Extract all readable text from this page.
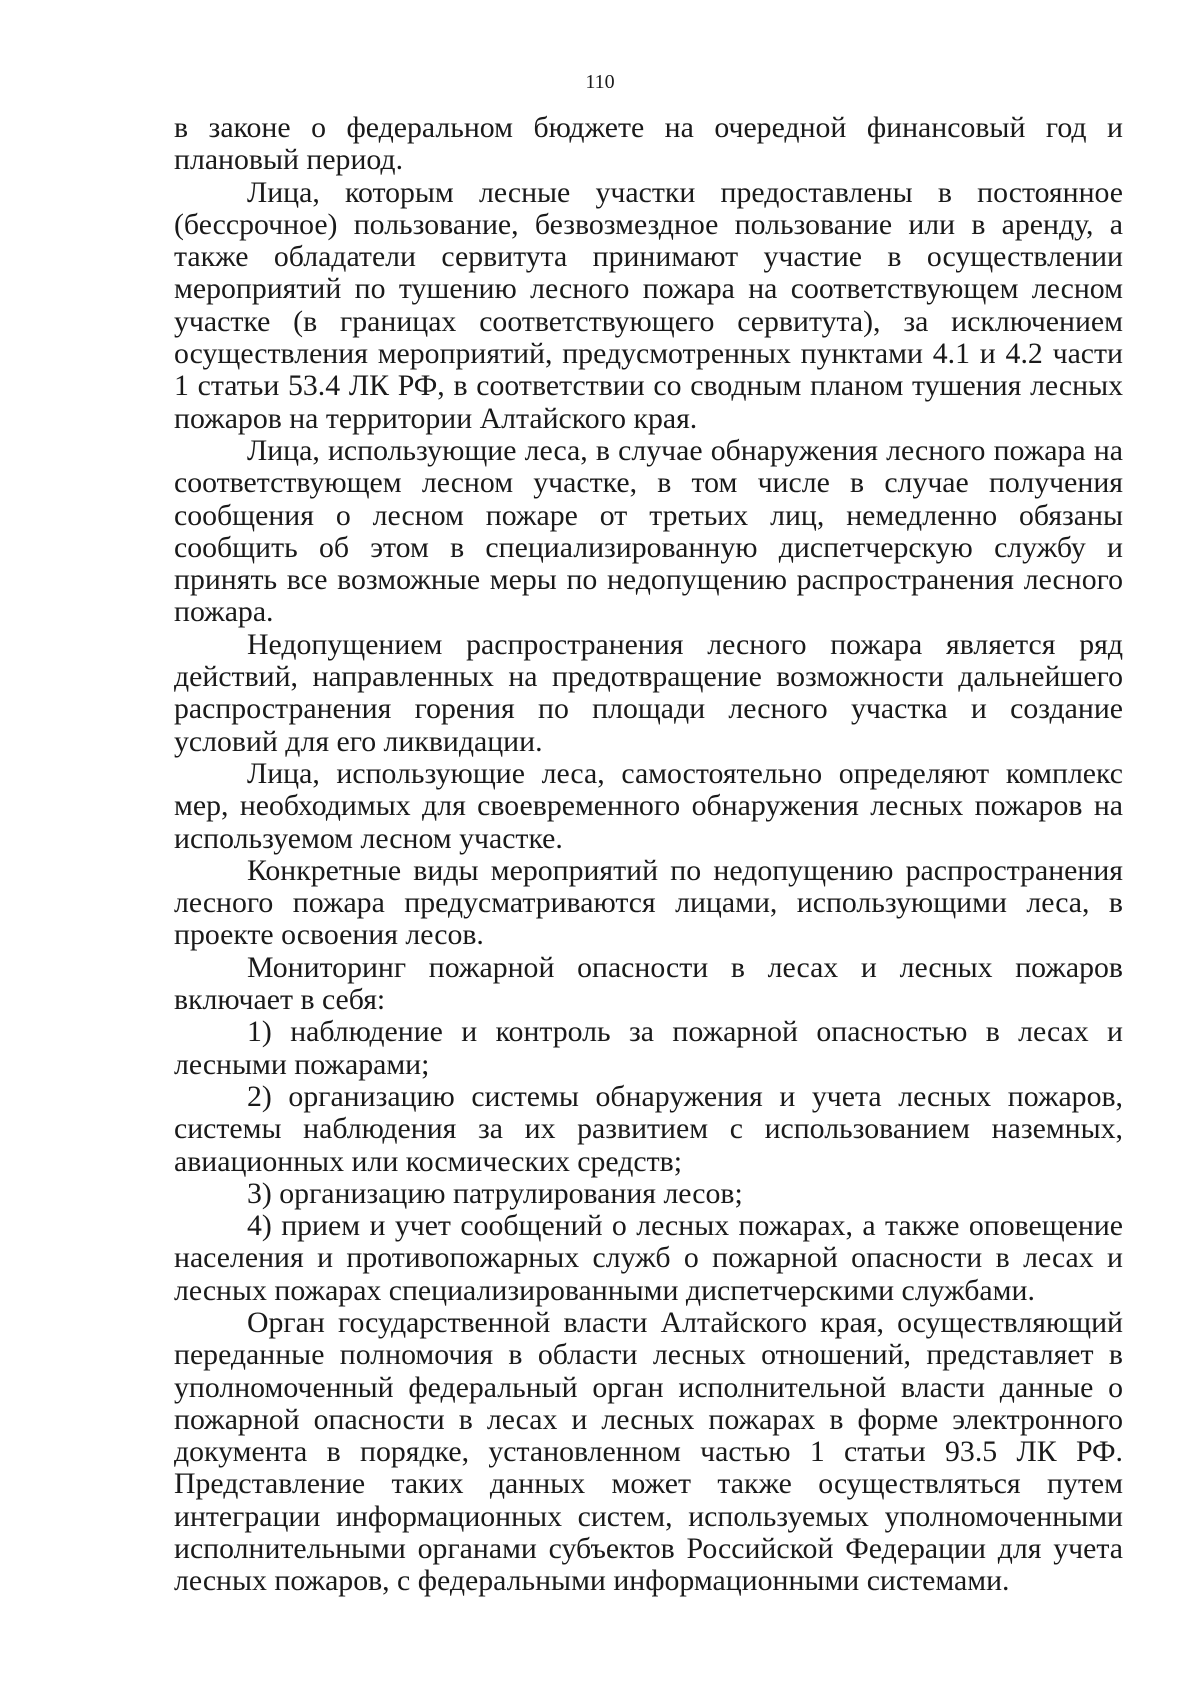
110

в законе о федеральном бюджете на очередной финансовый год и плановый период.

Лица, которым лесные участки предоставлены в постоянное (бессрочное) пользование, безвозмездное пользование или в аренду, а также обладатели сервитута принимают участие в осуществлении мероприятий по тушению лесного пожара на соответствующем лесном участке (в границах соответствующего сервитута), за исключением осуществления мероприятий, предусмотренных пунктами 4.1 и 4.2 части 1 статьи 53.4 ЛК РФ, в соответствии со сводным планом тушения лесных пожаров на территории Алтайского края.

Лица, использующие леса, в случае обнаружения лесного пожара на соответствующем лесном участке, в том числе в случае получения сообщения о лесном пожаре от третьих лиц, немедленно обязаны сообщить об этом в специализированную диспетчерскую службу и принять все возможные меры по недопущению распространения лесного пожара.

Недопущением распространения лесного пожара является ряд действий, направленных на предотвращение возможности дальнейшего распространения горения по площади лесного участка и создание условий для его ликвидации.

Лица, использующие леса, самостоятельно определяют комплекс мер, необходимых для своевременного обнаружения лесных пожаров на используемом лесном участке.

Конкретные виды мероприятий по недопущению распространения лесного пожара предусматриваются лицами, использующими леса, в проекте освоения лесов.

Мониторинг пожарной опасности в лесах и лесных пожаров включает в себя:

1) наблюдение и контроль за пожарной опасностью в лесах и лесными пожарами;

2) организацию системы обнаружения и учета лесных пожаров, системы наблюдения за их развитием с использованием наземных, авиационных или космических средств;

3) организацию патрулирования лесов;

4) прием и учет сообщений о лесных пожарах, а также оповещение населения и противопожарных служб о пожарной опасности в лесах и лесных пожарах специализированными диспетчерскими службами.

Орган государственной власти Алтайского края, осуществляющий переданные полномочия в области лесных отношений, представляет в уполномоченный федеральный орган исполнительной власти данные о пожарной опасности в лесах и лесных пожарах в форме электронного документа в порядке, установленном частью 1 статьи 93.5 ЛК РФ. Представление таких данных может также осуществляться путем интеграции информационных систем, используемых уполномоченными исполнительными органами субъектов Российской Федерации для учета лесных пожаров, с федеральными информационными системами.
